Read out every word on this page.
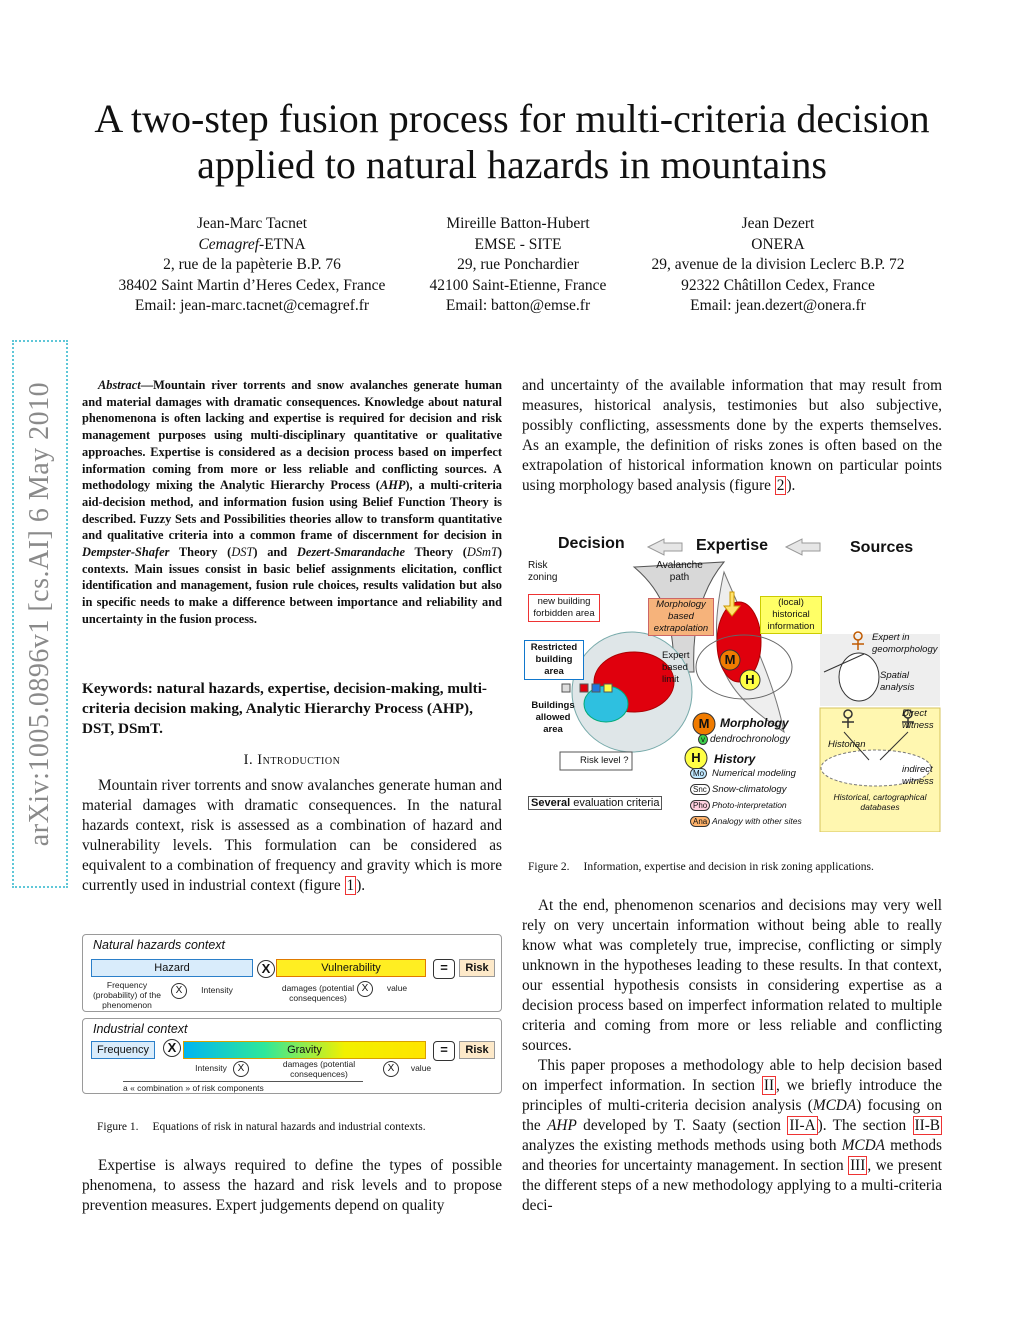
A two-step fusion process for multi-criteria decision
applied to natural hazards in mountains
Jean-Marc Tacnet
Cemagref-ETNA
2, rue de la papèterie B.P. 76
38402 Saint Martin d’Heres Cedex, France
Email: jean-marc.tacnet@cemagref.fr
Mireille Batton-Hubert
EMSE - SITE
29, rue Ponchardier
42100 Saint-Etienne, France
Email: batton@emse.fr
Jean Dezert
ONERA
29, avenue de la division Leclerc B.P. 72
92322 Châtillon Cedex, France
Email: jean.dezert@onera.fr
arXiv:1005.0896v1 [cs.AI] 6 May 2010	Abstract—Mountain river torrents and snow avalanches generate human and material damages with dramatic consequences. Knowledge about natural phenomenona is often lacking and expertise is required for decision and risk management purposes using multi-disciplinary quantitative or qualitative approaches. Expertise is considered as a decision process based on imperfect information coming from more or less reliable and conflicting sources. A methodology mixing the Analytic Hierarchy Process (AHP), a multi-criteria aid-decision method, and information fusion using Belief Function Theory is described. Fuzzy Sets and Possibilities theories allow to transform quantitative and qualitative criteria into a common frame of discernment for decision in Dempster-Shafer Theory (DST) and Dezert-Smarandache Theory (DSmT) contexts. Main issues consist in basic belief assignments elicitation, conflict identification and management, fusion rule choices, results validation but also in specific needs to make a difference between importance and reliability and uncertainty in the fusion process.
Keywords: natural hazards, expertise, decision-making, multi-criteria decision making, Analytic Hierarchy Process (AHP), DST, DSmT.
I. Introduction
Mountain river torrents and snow avalanches generate human and material damages with dramatic consequences. In the natural hazards context, risk is assessed as a combination of hazard and vulnerability levels. This formulation can be considered as equivalent to a combination of frequency and gravity which is more currently used in industrial context (figure 1 ).
Natural hazards context
Hazard	X	Vulnerability	=	Risk
Frequency (probability) of the phenomenon
X	Intensity	damages (potential consequences)
X	value
Industrial context
Frequency	X	Gravity	=	Risk
Intensity	X	damages (potential consequences)	X	value
a « combination » of risk components
Figure 1. Equations of risk in natural hazards and industrial contexts.
Expertise is always required to define the types of possible phenomena, to assess the hazard and risk levels and to propose prevention measures. Expert judgements depend on quality
and uncertainty of the available information that may result from measures, historical analysis, testimonies but also subjective, possibly conflicting, assessments done by the experts themselves. As an example, the definition of risks zones is often based on the extrapolation of historical information known on particular points using morphology based analysis (figure 2 ).
Decision	Expertise	Sources
Risk zoning
Avalanche path
new building forbidden area
Restricted building area
Buildings allowed area
Morphology based extrapolation
(local) historical information
Expert based limit
M
H
Expert in geomorphology
Spatial analysis
Direct witness
Historian
indirect witness
Historical, cartographical databases
Risk level ?
Several evaluation criteria
M Morphology
dendrochronology
H History
Numerical modeling
Snow-climatology
Photo-interpretation
Analogy with other sites
Mo
Snc
Pho
Ana
v
Figure 2. Information, expertise and decision in risk zoning applications.
At the end, phenomenon scenarios and decisions may very well rely on very uncertain information without being able to really know what was completely true, imprecise, conflicting or simply unknown in the hypotheses leading to these results. In that context, our essential hypothesis consists in considering expertise as a decision process based on imperfect information related to multiple criteria and coming from more or less reliable and conflicting sources.
This paper proposes a methodology able to help decision based on imperfect information. In section II , we briefly introduce the principles of multi-criteria decision analysis (MCDA) focusing on the AHP developed by T. Saaty (section II-A ). The section II-B analyzes the existing methods methods using both MCDA methods and theories for uncertainty management. In section III , we present the different steps of a new methodology applying to a multi-criteria deci-
